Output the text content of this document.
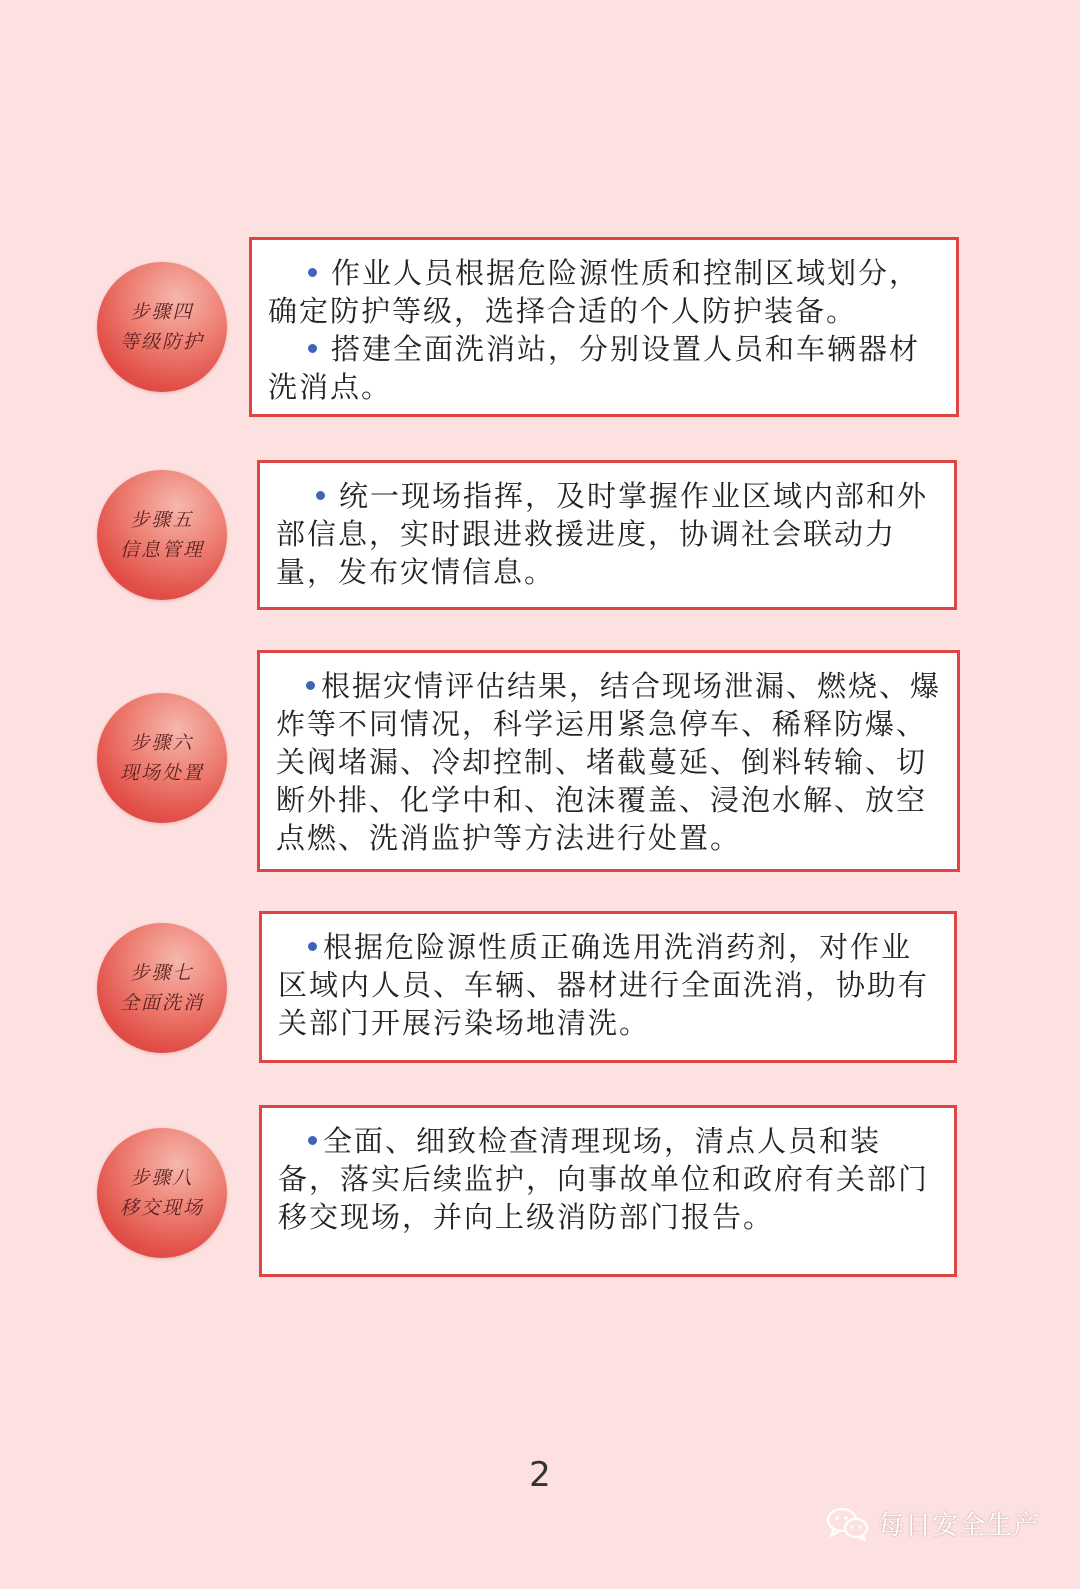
步骤四
等级防护

作业人员根据危险源性质和控制区域划分，确定防护等级，选择合适的个人防护装备。

搭建全面洗消站，分别设置人员和车辆器材洗消点。

步骤五
信息管理

统一现场指挥，及时掌握作业区域内部和外部信息，实时跟进救援进度，协调社会联动力量，发布灾情信息。

步骤六
现场处置

根据灾情评估结果，结合现场泄漏、燃烧、爆炸等不同情况，科学运用紧急停车、稀释防爆、关阀堵漏、冷却控制、堵截蔓延、倒料转输、切断外排、化学中和、泡沫覆盖、浸泡水解、放空点燃、洗消监护等方法进行处置。

步骤七
全面洗消

根据危险源性质正确选用洗消药剂，对作业区域内人员、车辆、器材进行全面洗消，协助有关部门开展污染场地清洗。

步骤八
移交现场

全面、细致检查清理现场，清点人员和装备，落实后续监护，向事故单位和政府有关部门移交现场，并向上级消防部门报告。

2
每日安全生产
